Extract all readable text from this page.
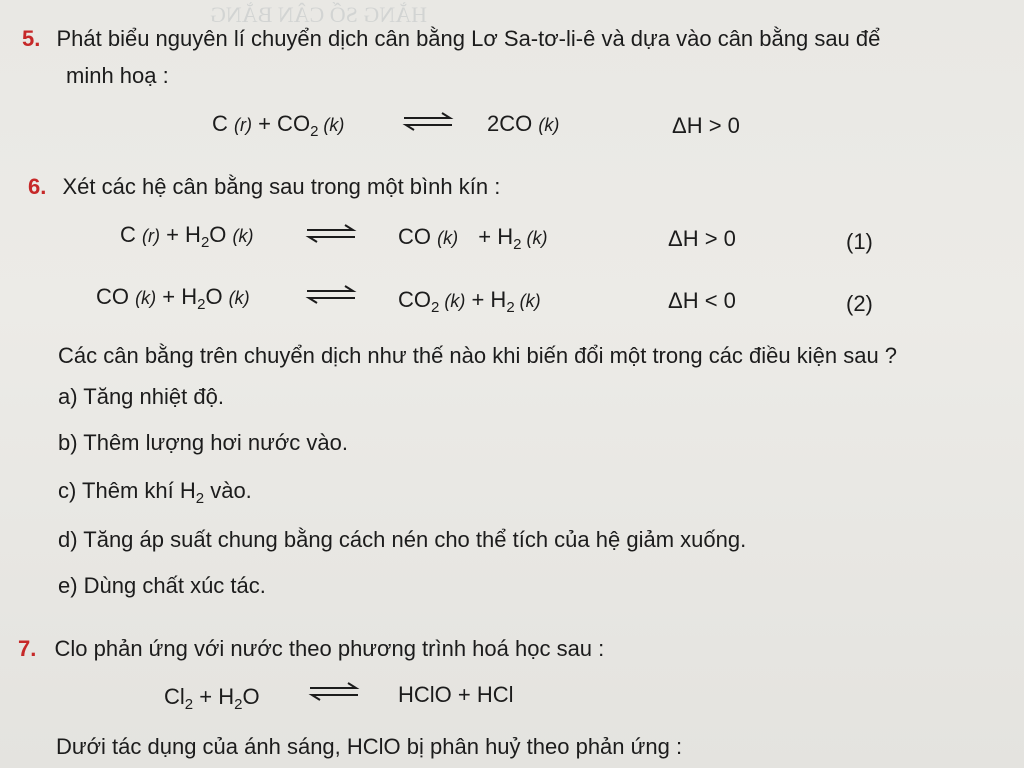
HẰNG SỐ CÂN BẰNG
5. Phát biểu nguyên lí chuyển dịch cân bằng Lơ Sa-tơ-li-ê và dựa vào cân bằng sau để
minh hoạ :
C $(r) + CO_2$ (k)	2CO (k)	ΔH > 0
6. Xét các hệ cân bằng sau trong một bình kín :
C $(r) + H_2O$ (k)	CO $(k) + H_2$ (k)	ΔH > 0	(1)
CO $(k) + H_2O$ (k)	$CO_2$ $(k) + H_2$ (k)	ΔH < 0	(2)
Các cân bằng trên chuyển dịch như thế nào khi biến đổi một trong các điều kiện sau ?
a) Tăng nhiệt độ.
b) Thêm lượng hơi nước vào.
c) Thêm khí $H_2$ vào.
d) Tăng áp suất chung bằng cách nén cho thể tích của hệ giảm xuống.
e) Dùng chất xúc tác.
7. Clo phản ứng với nước theo phương trình hoá học sau :
$Cl_2 + H_2O$	HClO + HCl
Dưới tác dụng của ánh sáng, HClO bị phân huỷ theo phản ứng :
